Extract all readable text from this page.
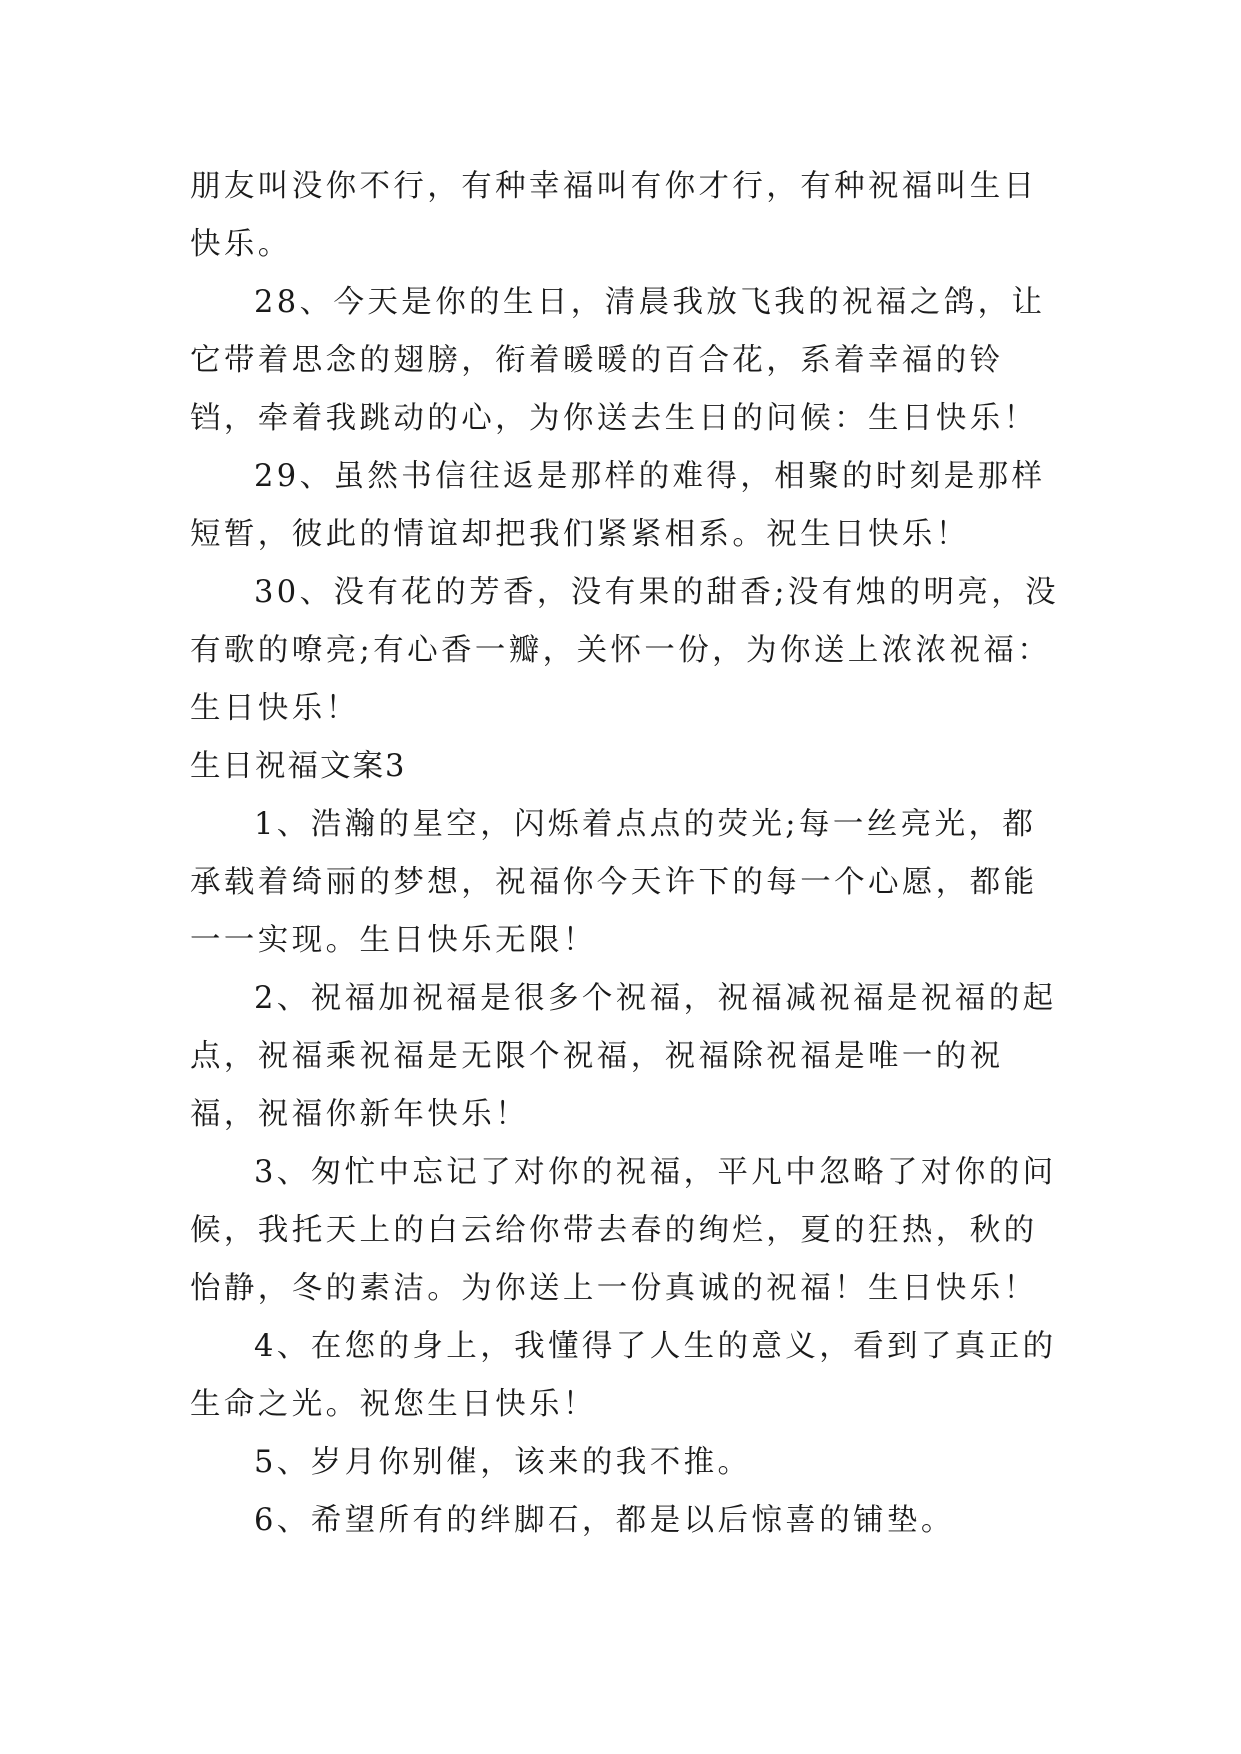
朋友叫没你不行，有种幸福叫有你才行，有种祝福叫生日快乐。

28、今天是你的生日，清晨我放飞我的祝福之鸽，让它带着思念的翅膀，衔着暖暖的百合花，系着幸福的铃铛，牵着我跳动的心，为你送去生日的问候：生日快乐！

29、虽然书信往返是那样的难得，相聚的时刻是那样短暂，彼此的情谊却把我们紧紧相系。祝生日快乐！

30、没有花的芳香，没有果的甜香;没有烛的明亮，没有歌的嘹亮;有心香一瓣，关怀一份，为你送上浓浓祝福：生日快乐！

生日祝福文案3

1、浩瀚的星空，闪烁着点点的荧光;每一丝亮光，都承载着绮丽的梦想，祝福你今天许下的每一个心愿，都能一一实现。生日快乐无限！

2、祝福加祝福是很多个祝福，祝福减祝福是祝福的起点，祝福乘祝福是无限个祝福，祝福除祝福是唯一的祝福，祝福你新年快乐！

3、匆忙中忘记了对你的祝福，平凡中忽略了对你的问候，我托天上的白云给你带去春的绚烂，夏的狂热，秋的怡静，冬的素洁。为你送上一份真诚的祝福！生日快乐！

4、在您的身上，我懂得了人生的意义，看到了真正的生命之光。祝您生日快乐！

5、岁月你别催，该来的我不推。

6、希望所有的绊脚石，都是以后惊喜的铺垫。
